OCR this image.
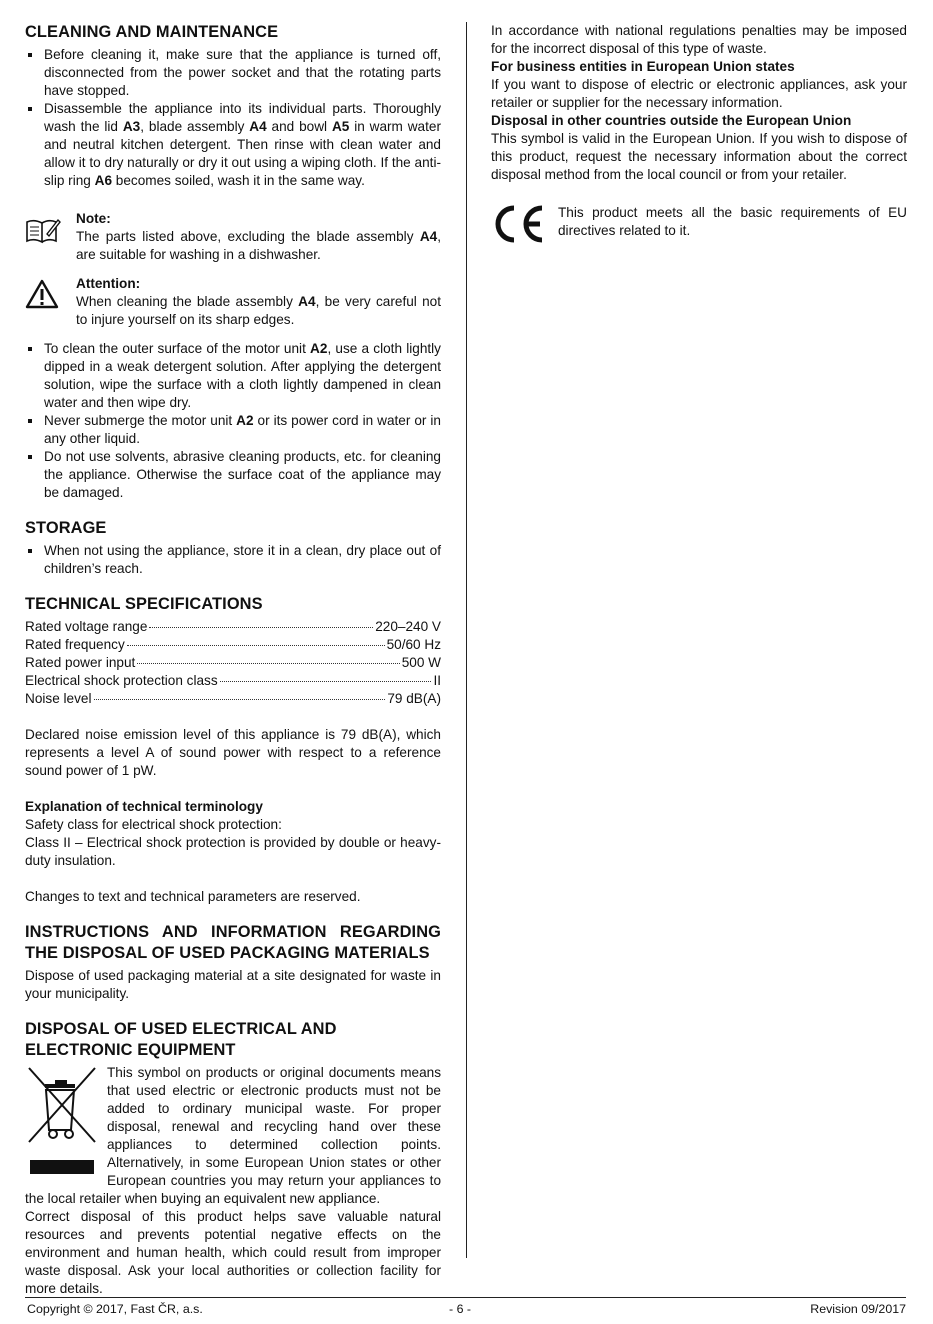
CLEANING AND MAINTENANCE
Before cleaning it, make sure that the appliance is turned off, disconnected from the power socket and that the rotating parts have stopped.
Disassemble the appliance into its individual parts. Thoroughly wash the lid A3, blade assembly A4 and bowl A5 in warm water and neutral kitchen detergent. Then rinse with clean water and allow it to dry naturally or dry it out using a wiping cloth. If the anti-slip ring A6 becomes soiled, wash it in the same way.
Note:
The parts listed above, excluding the blade assembly A4, are suitable for washing in a dishwasher.
Attention:
When cleaning the blade assembly A4, be very careful not to injure yourself on its sharp edges.
To clean the outer surface of the motor unit A2, use a cloth lightly dipped in a weak detergent solution. After applying the detergent solution, wipe the surface with a cloth lightly dampened in clean water and then wipe dry.
Never submerge the motor unit A2 or its power cord in water or in any other liquid.
Do not use solvents, abrasive cleaning products, etc. for cleaning the appliance. Otherwise the surface coat of the appliance may be damaged.
STORAGE
When not using the appliance, store it in a clean, dry place out of children’s reach.
TECHNICAL SPECIFICATIONS
Rated voltage range	220–240 V
Rated frequency	50/60 Hz
Rated power input	500 W
Electrical shock protection class	II
Noise level	79 dB(A)

Declared noise emission level of this appliance is 79 dB(A), which represents a level A of sound power with respect to a reference sound power of 1 pW.

Explanation of technical terminology

Safety class for electrical shock protection:

Class II – Electrical shock protection is provided by double or heavy-duty insulation.

Changes to text and technical parameters are reserved.

INSTRUCTIONS AND INFORMATION REGARDING THE DISPOSAL OF USED PACKAGING MATERIALS

Dispose of used packaging material at a site designated for waste in your municipality.

DISPOSAL OF USED ELECTRICAL AND ELECTRONIC EQUIPMENT

This symbol on products or original documents means that used electric or electronic products must not be added to ordinary municipal waste. For proper disposal, renewal and recycling hand over these appliances to determined collection points. Alternatively, in some European Union states or other European countries you may return your appliances to the local retailer when buying an equivalent new appliance.

Correct disposal of this product helps save valuable natural resources and prevents potential negative effects on the environment and human health, which could result from improper waste disposal. Ask your local authorities or collection facility for more details.

In accordance with national regulations penalties may be imposed for the incorrect disposal of this type of waste.

For business entities in European Union states

If you want to dispose of electric or electronic appliances, ask your retailer or supplier for the necessary information.

Disposal in other countries outside the European Union

This symbol is valid in the European Union. If you wish to dispose of this product, request the necessary information about the correct disposal method from the local council or from your retailer.

This product meets all the basic requirements of EU directives related to it.

Copyright © 2017, Fast ČR, a.s.	- 6 -	Revision 09/2017
